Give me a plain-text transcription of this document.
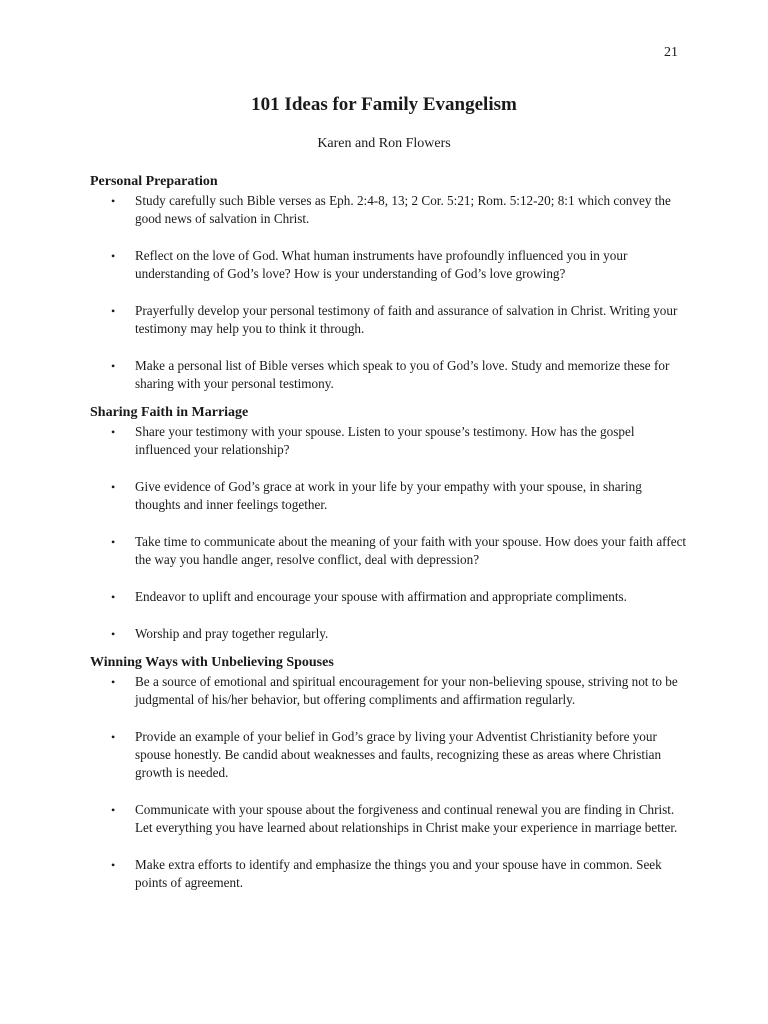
21
101 Ideas for Family Evangelism
Karen and Ron Flowers
Personal Preparation
• Study carefully such Bible verses as Eph. 2:4-8, 13; 2 Cor. 5:21; Rom. 5:12-20; 8:1 which convey the good news of salvation in Christ.
• Reflect on the love of God. What human instruments have profoundly influenced you in your understanding of God’s love? How is your understanding of God’s love growing?
• Prayerfully develop your personal testimony of faith and assurance of salvation in Christ. Writing your testimony may help you to think it through.
• Make a personal list of Bible verses which speak to you of God’s love. Study and memorize these for sharing with your personal testimony.
Sharing Faith in Marriage
• Share your testimony with your spouse. Listen to your spouse’s testimony. How has the gospel influenced your relationship?
• Give evidence of God’s grace at work in your life by your empathy with your spouse, in sharing thoughts and inner feelings together.
• Take time to communicate about the meaning of your faith with your spouse. How does your faith affect the way you handle anger, resolve conflict, deal with depression?
• Endeavor to uplift and encourage your spouse with affirmation and appropriate compliments.
• Worship and pray together regularly.
Winning Ways with Unbelieving Spouses
• Be a source of emotional and spiritual encouragement for your non-believing spouse, striving not to be judgmental of his/her behavior, but offering compliments and affirmation regularly.
• Provide an example of your belief in God’s grace by living your Adventist Christianity before your spouse honestly. Be candid about weaknesses and faults, recognizing these as areas where Christian growth is needed.
• Communicate with your spouse about the forgiveness and continual renewal you are finding in Christ. Let everything you have learned about relationships in Christ make your experience in marriage better.
• Make extra efforts to identify and emphasize the things you and your spouse have in common. Seek points of agreement.
